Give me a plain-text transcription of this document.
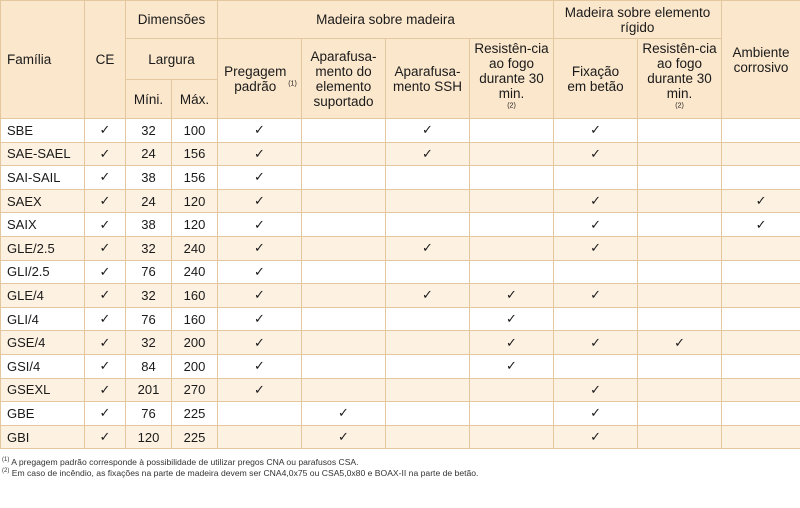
Família	CE	Dimensões		Madeira sobre madeira				Madeira sobre elemento rígido		Ambiente corrosivo
		Largura		Pregagem padrão $^{(1)}$	Aparafusa-mento do elemento suportado	Aparafusa-mento SSH	Resistên-cia ao fogo durante 30 min.$^{(2)}$	Fixação em betão	Resistên-cia ao fogo durante 30 min.$^{(2)}$
		Míni.	Máx.							
SBE	✓	32	100	✓		✓		✓		
SAE-SAEL	✓	24	156	✓		✓		✓		
SAI-SAIL	✓	38	156	✓						
SAEX	✓	24	120	✓				✓		✓
SAIX	✓	38	120	✓				✓		✓
GLE/2.5	✓	32	240	✓		✓		✓		
GLI/2.5	✓	76	240	✓						
GLE/4	✓	32	160	✓		✓	✓	✓		
GLI/4	✓	76	160	✓			✓			
GSE/4	✓	32	200	✓			✓	✓	✓	
GSI/4	✓	84	200	✓			✓			
GSEXL	✓	201	270	✓				✓		
GBE	✓	76	225		✓			✓		
GBI	✓	120	225		✓			✓		
$^{(1)}$ A pregagem padrão corresponde à possibilidade de utilizar pregos CNA ou parafusos CSA.
$^{(2)}$ Em caso de incêndio, as fixações na parte de madeira devem ser CNA4,0x75 ou CSA5,0x80 e BOAX-II na parte de betão.
